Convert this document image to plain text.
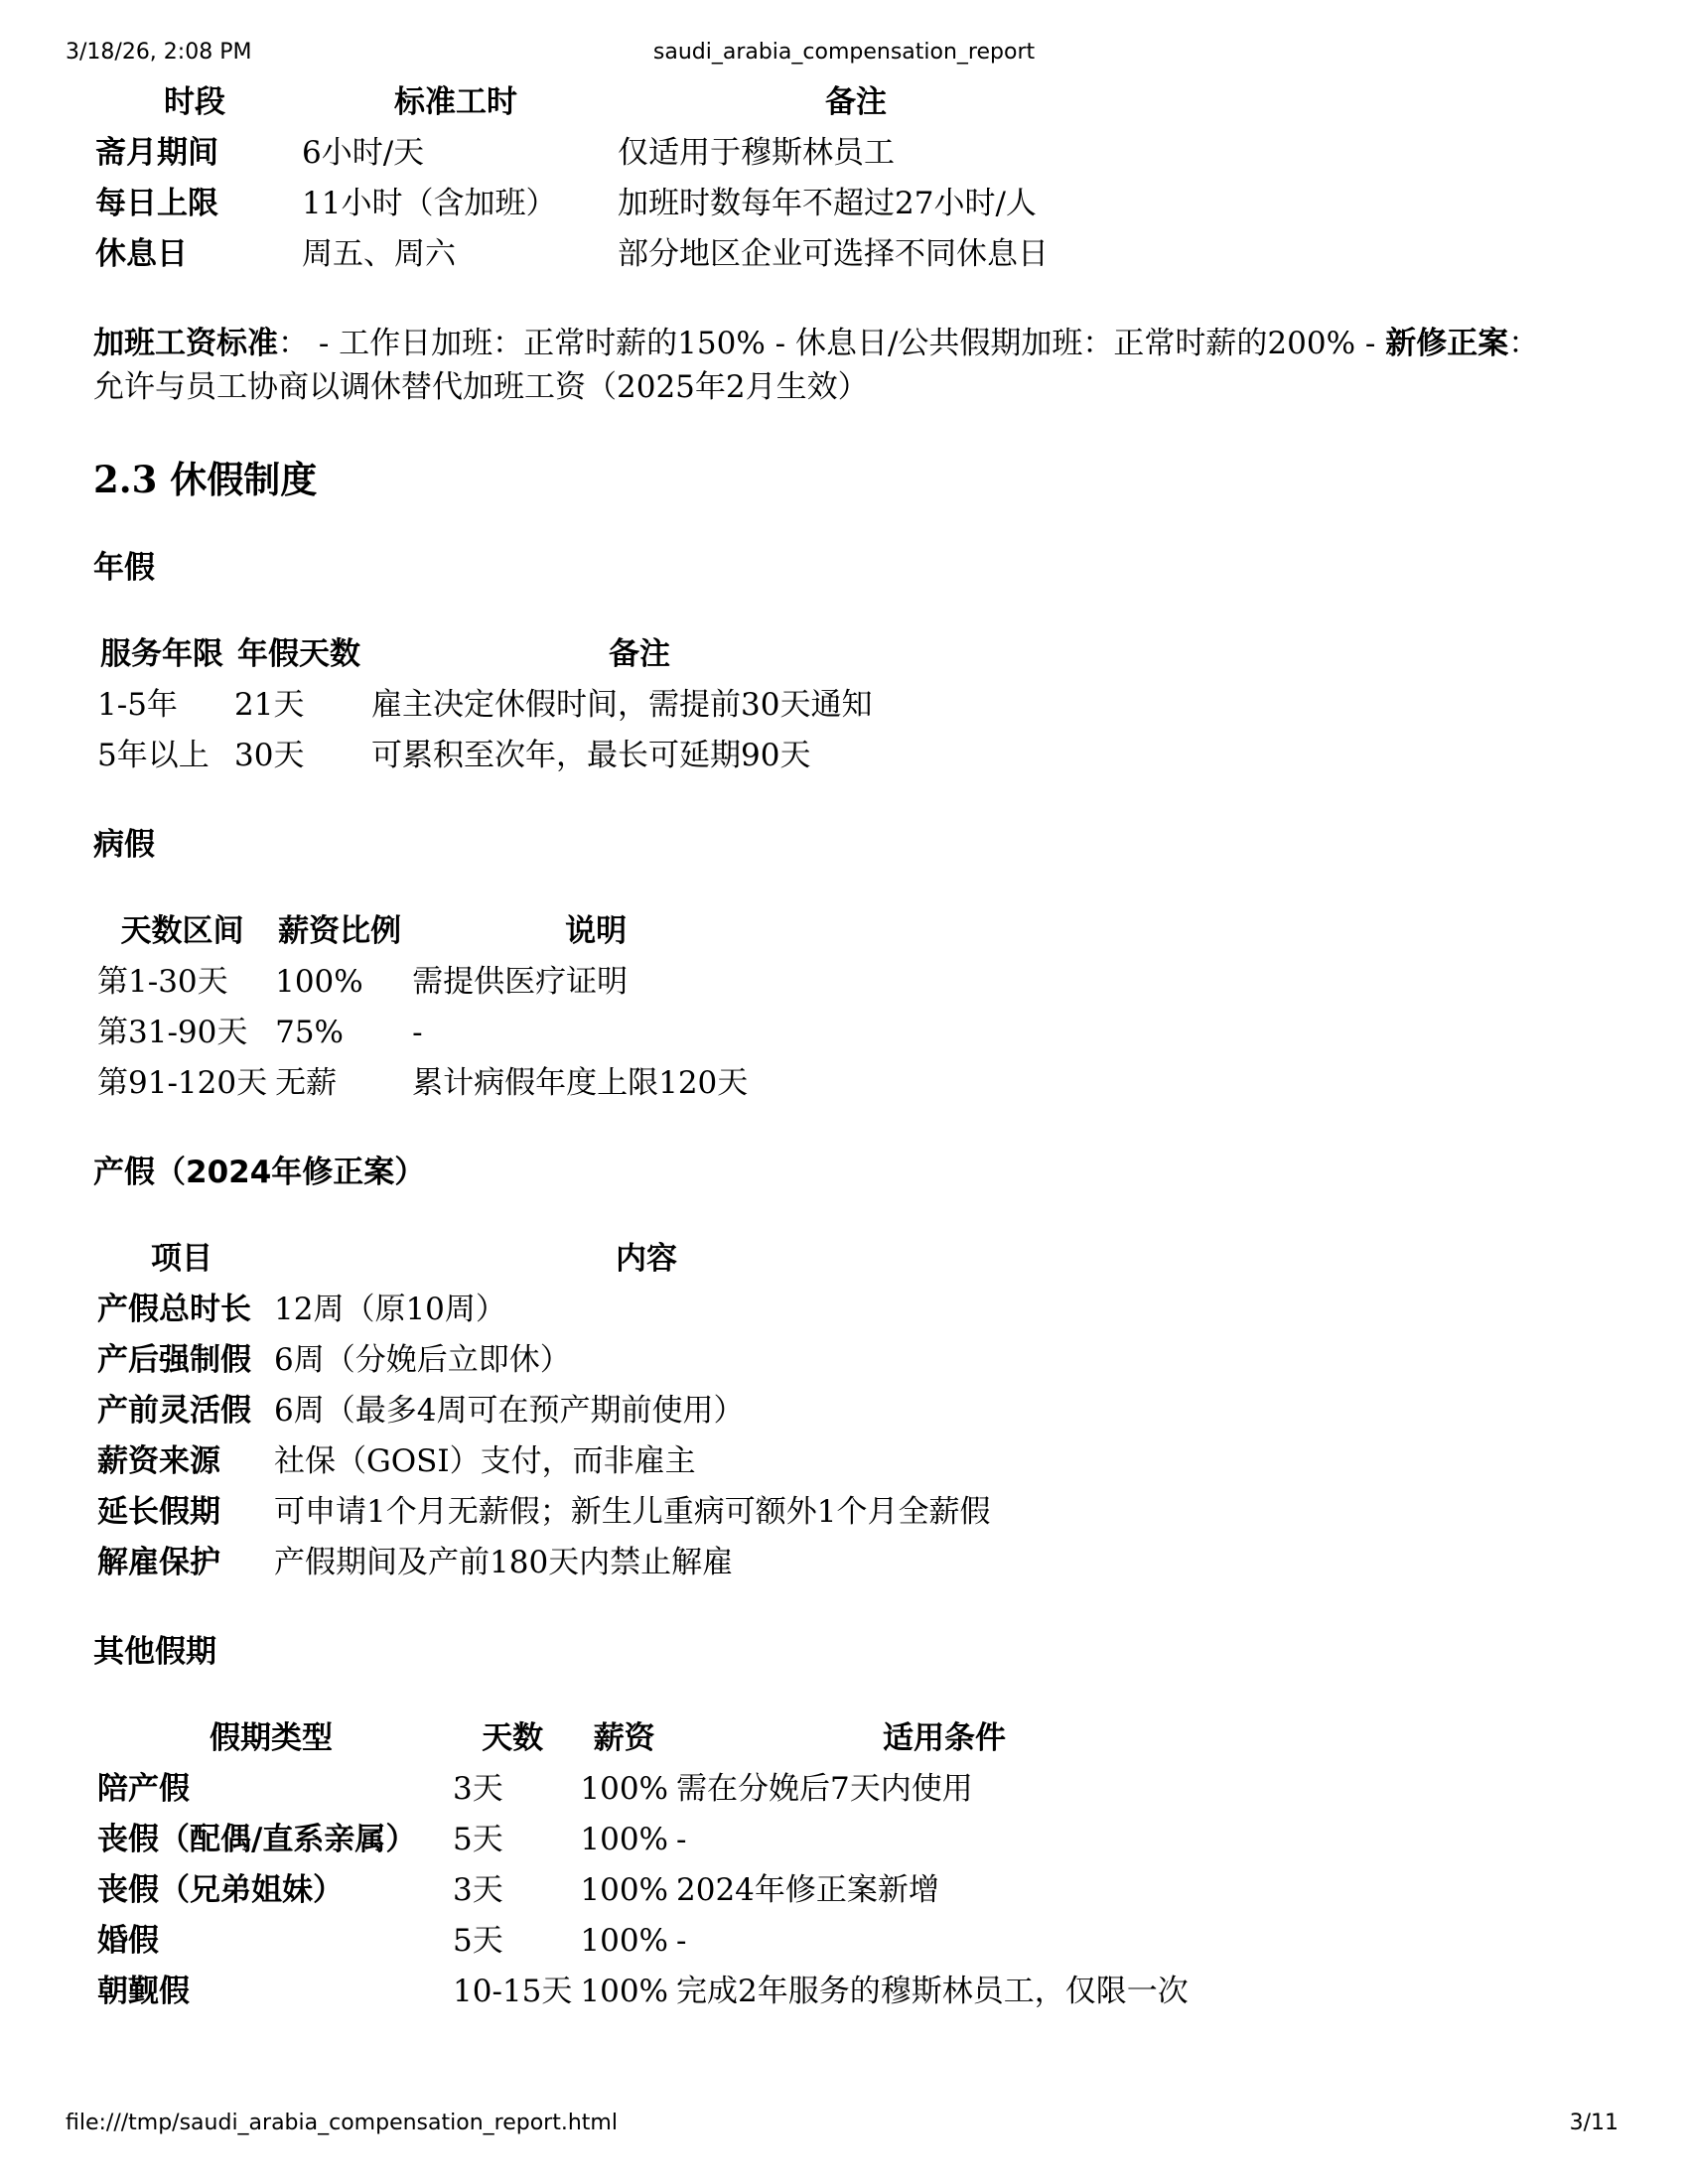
3/18/26, 2:08 PM	saudi_arabia_compensation_report
时段	标准工时	备注
斋月期间	6小时/天	仅适用于穆斯林员工
每日上限	11小时（含加班）	加班时数每年不超过27小时/人
休息日	周五、周六	部分地区企业可选择不同休息日

加班工资标准： - 工作日加班：正常时薪的150% - 休息日/公共假期加班：正常时薪的200% - 新修正案：允许与员工协商以调休替代加班工资（2025年2月生效）

2.3 休假制度
年假
服务年限	年假天数	备注
1-5年	21天	雇主决定休假时间，需提前30天通知
5年以上	30天	可累积至次年，最长可延期90天
病假
天数区间	薪资比例	说明
第1-30天	100%	需提供医疗证明
第31-90天	75%	-
第91-120天	无薪	累计病假年度上限120天
产假（2024年修正案）
项目	内容
产假总时长	12周（原10周）
产后强制假	6周（分娩后立即休）
产前灵活假	6周（最多4周可在预产期前使用）
薪资来源	社保（GOSI）支付，而非雇主
延长假期	可申请1个月无薪假；新生儿重病可额外1个月全薪假
解雇保护	产假期间及产前180天内禁止解雇
其他假期
假期类型	天数	薪资	适用条件
陪产假	3天	100%	需在分娩后7天内使用
丧假（配偶/直系亲属）	5天	100%	-
丧假（兄弟姐妹）	3天	100%	2024年修正案新增
婚假	5天	100%	-
朝觐假	10-15天	100%	完成2年服务的穆斯林员工，仅限一次
file:///tmp/saudi_arabia_compensation_report.html	3/11
